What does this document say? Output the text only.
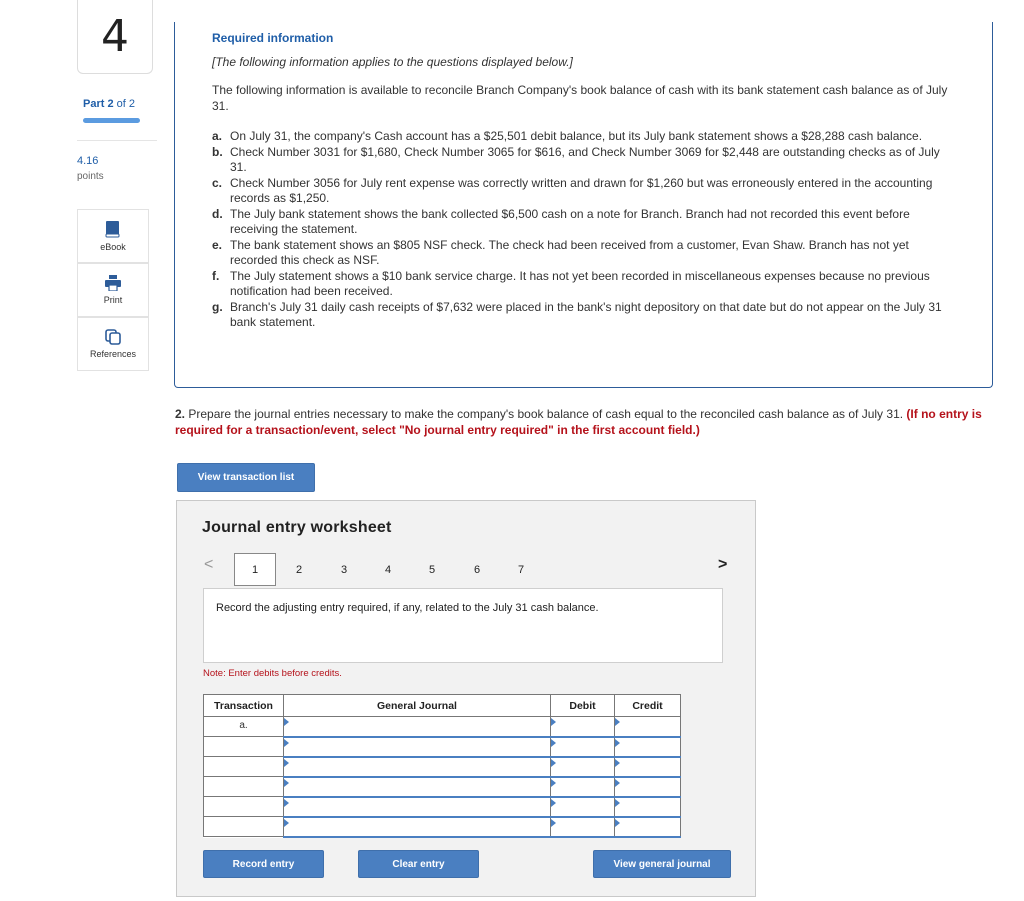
4
Part 2 of 2
4.16
points
eBook
Print
References
Required information
[The following information applies to the questions displayed below.]
The following information is available to reconcile Branch Company's book balance of cash with its bank statement cash balance as of July 31.
a. On July 31, the company's Cash account has a $25,501 debit balance, but its July bank statement shows a $28,288 cash balance.
b. Check Number 3031 for $1,680, Check Number 3065 for $616, and Check Number 3069 for $2,448 are outstanding checks as of July 31.
c. Check Number 3056 for July rent expense was correctly written and drawn for $1,260 but was erroneously entered in the accounting records as $1,250.
d. The July bank statement shows the bank collected $6,500 cash on a note for Branch. Branch had not recorded this event before receiving the statement.
e. The bank statement shows an $805 NSF check. The check had been received from a customer, Evan Shaw. Branch has not yet recorded this check as NSF.
f. The July statement shows a $10 bank service charge. It has not yet been recorded in miscellaneous expenses because no previous notification had been received.
g. Branch's July 31 daily cash receipts of $7,632 were placed in the bank's night depository on that date but do not appear on the July 31 bank statement.
2. Prepare the journal entries necessary to make the company's book balance of cash equal to the reconciled cash balance as of July 31. (If no entry is required for a transaction/event, select "No journal entry required" in the first account field.)
View transaction list
Journal entry worksheet
<	1	2	3	4	5	6	7	>
Record the adjusting entry required, if any, related to the July 31 cash balance.
Note: Enter debits before credits.
Transaction	General Journal	Debit	Credit
a.	

Record entry	Clear entry	View general journal
